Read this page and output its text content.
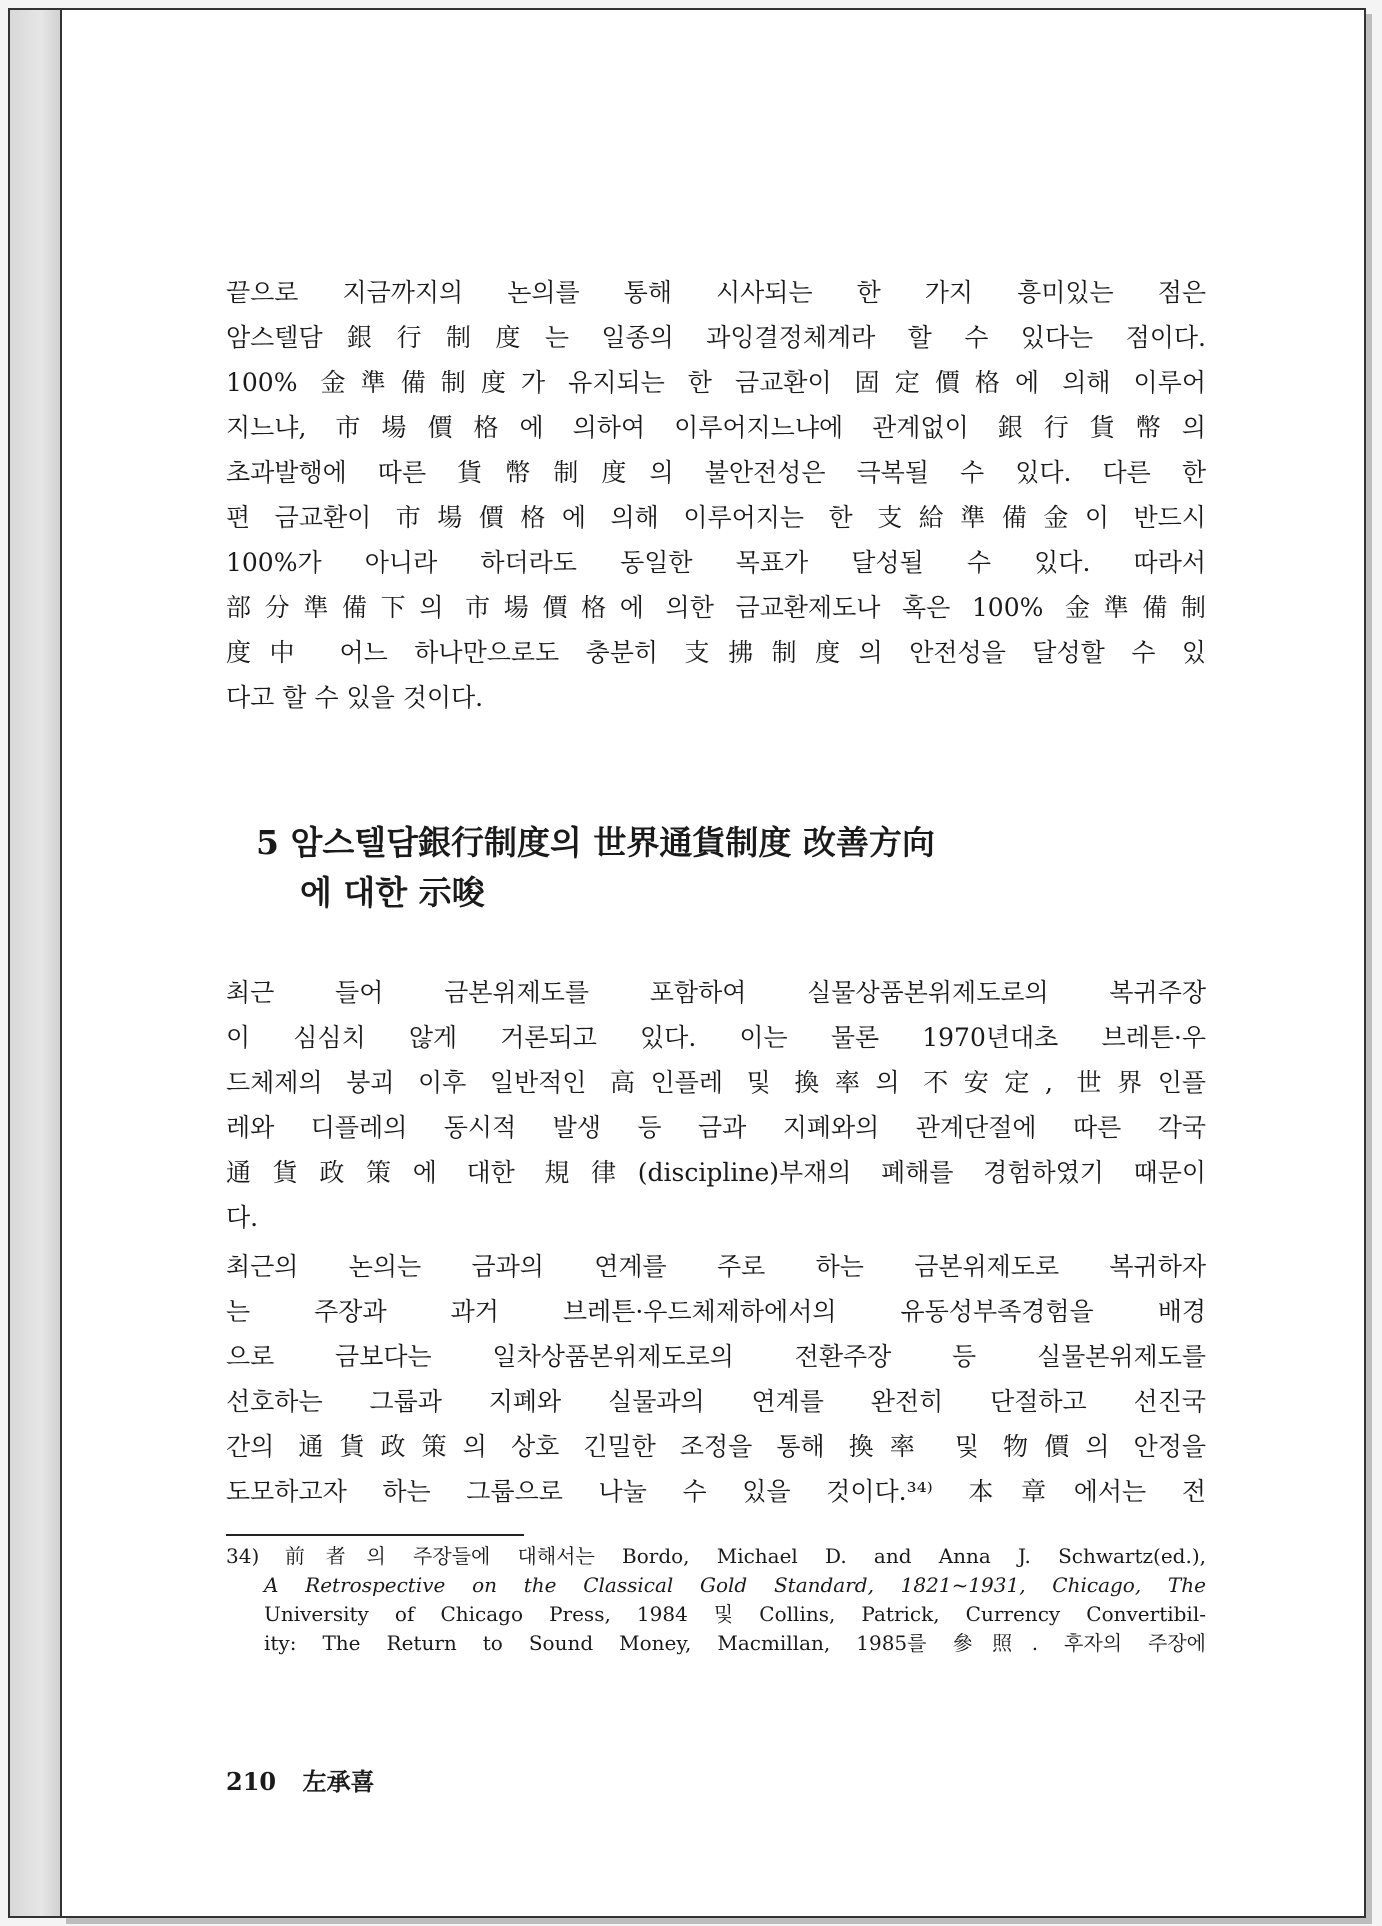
끝으로 지금까지의 논의를 통해 시사되는 한 가지 흥미있는 점은
암스텔담銀行制度는 일종의 과잉결정체계라 할 수 있다는 점이다.
100% 金準備制度가 유지되는 한 금교환이 固定價格에 의해 이루어
지느냐, 市場價格에 의하여 이루어지느냐에 관계없이 銀行貨幣의
초과발행에 따른 貨幣制度의 불안전성은 극복될 수 있다. 다른 한
편 금교환이 市場價格에 의해 이루어지는 한 支給準備金이 반드시
100%가 아니라 하더라도 동일한 목표가 달성될 수 있다. 따라서
部分準備下의 市場價格에 의한 금교환제도나 혹은 100% 金準備制
度中 어느 하나만으로도 충분히 支拂制度의 안전성을 달성할 수 있
다고 할 수 있을 것이다.

5 암스텔담銀行制度의 世界通貨制度 改善方向
에 대한 示唆

최근 들어 금본위제도를 포함하여 실물상품본위제도로의 복귀주장
이 심심치 않게 거론되고 있다. 이는 물론 1970년대초 브레튼·우
드체제의 붕괴 이후 일반적인 高인플레 및 換率의 不安定, 世界인플
레와 디플레의 동시적 발생 등 금과 지폐와의 관계단절에 따른 각국
通貨政策에 대한 規律(discipline)부재의 폐해를 경험하였기 때문이
다.

최근의 논의는 금과의 연계를 주로 하는 금본위제도로 복귀하자
는 주장과 과거 브레튼·우드체제하에서의 유동성부족경험을 배경
으로 금보다는 일차상품본위제도로의 전환주장 등 실물본위제도를
선호하는 그룹과 지폐와 실물과의 연계를 완전히 단절하고 선진국
간의 通貨政策의 상호 긴밀한 조정을 통해 換率 및 物價의 안정을
도모하고자 하는 그룹으로 나눌 수 있을 것이다.³⁴⁾ 本章에서는 전

34) 前者의 주장들에 대해서는 Bordo, Michael D. and Anna J. Schwartz(ed.),
A Retrospective on the Classical Gold Standard, 1821~1931, Chicago, The
University of Chicago Press, 1984 및 Collins, Patrick, Currency Convertibil-
ity: The Return to Sound Money, Macmillan, 1985를 參照. 후자의 주장에
210 左承喜
